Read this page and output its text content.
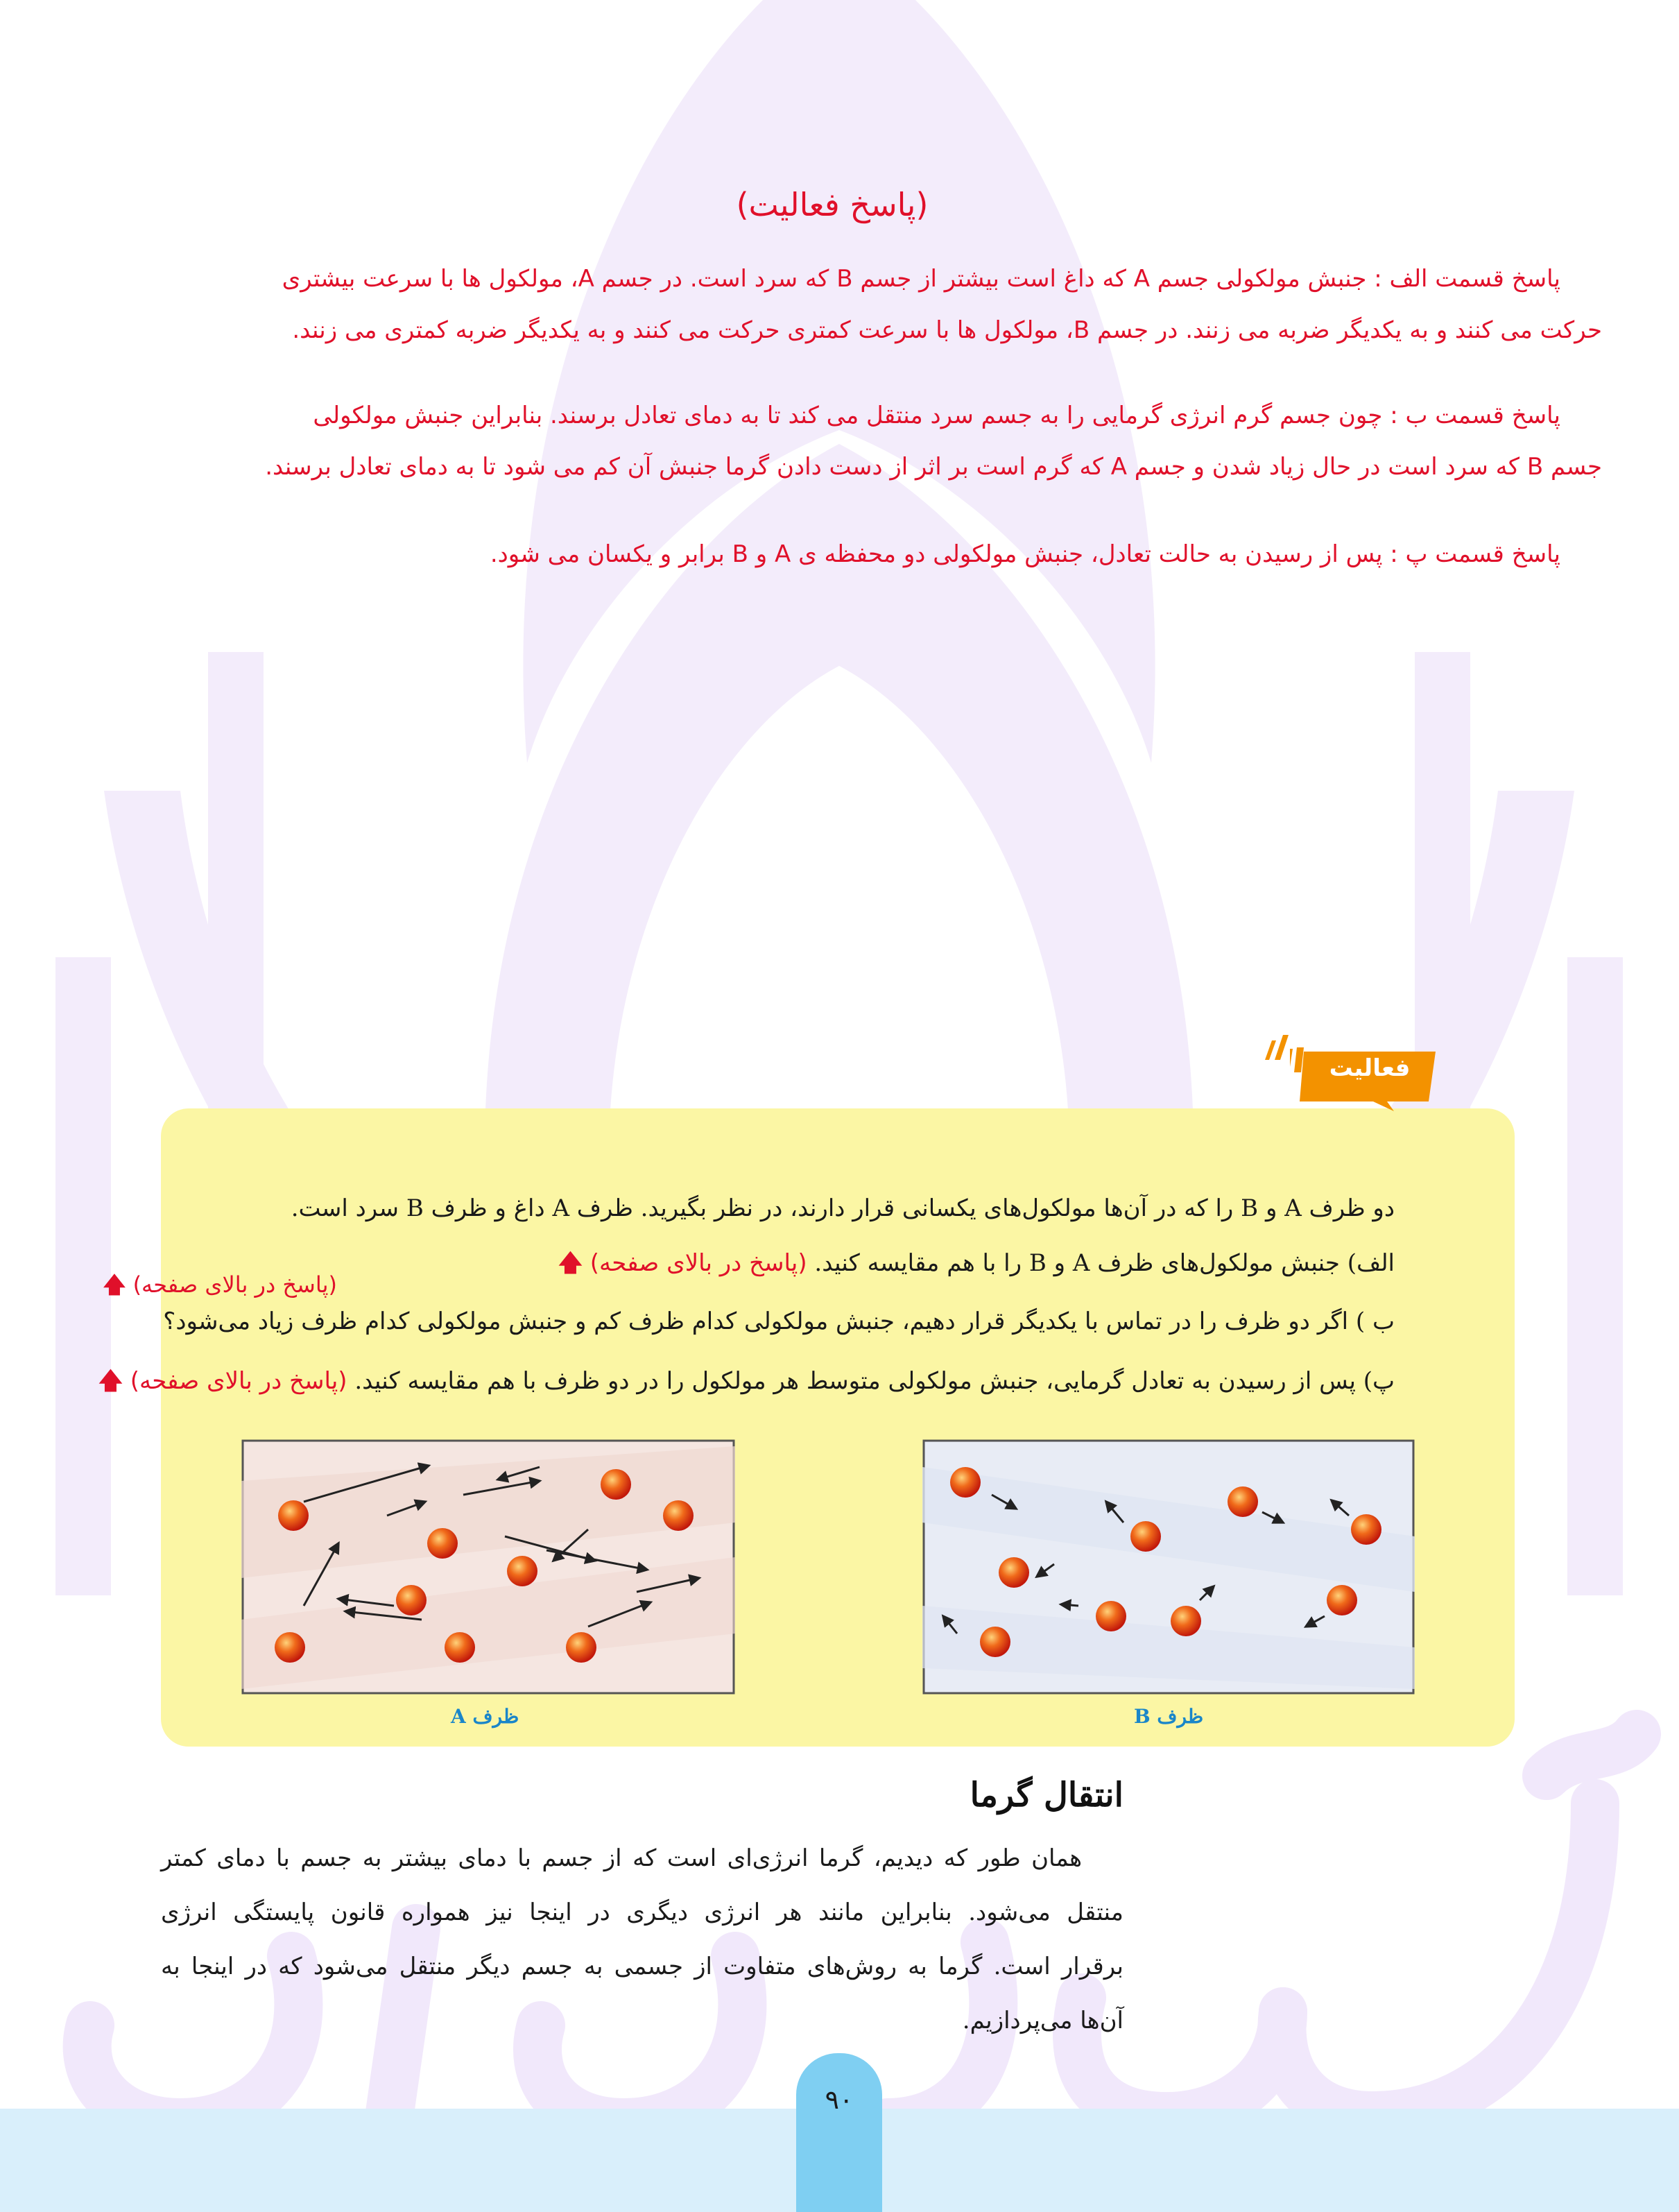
(پاسخ فعالیت)
پاسخ قسمت الف : جنبش مولکولی جسم A که داغ است بیشتر از جسم B که سرد است. در جسم A، مولکول ها با سرعت بیشتری
حرکت می کنند و به یکدیگر ضربه می زنند. در جسم B، مولکول ها با سرعت کمتری حرکت می کنند و به یکدیگر ضربه کمتری می زنند.
پاسخ قسمت ب : چون جسم گرم انرژی گرمایی را به جسم سرد منتقل می کند تا به دمای تعادل برسند. بنابراین جنبش مولکولی
جسم B که سرد است در حال زیاد شدن و جسم A که گرم است بر اثر از دست دادن گرما جنبش آن کم می شود تا به دمای تعادل برسند.
پاسخ قسمت پ : پس از رسیدن به حالت تعادل، جنبش مولکولی دو محفظه ی A و B برابر و یکسان می شود.
فعالیت
دو ظرف A و B را که در آن‌ها مولکول‌های یکسانی قرار دارند، در نظر بگیرید. ظرف A داغ و ظرف B سرد است.
الف) جنبش مولکول‌های ظرف A و B را با هم مقایسه کنید. (پاسخ در بالای صفحه) 🡅
(پاسخ در بالای صفحه) 🡅
ب ) اگر دو ظرف را در تماس با یکدیگر قرار دهیم، جنبش مولکولی کدام ظرف کم و جنبش مولکولی کدام ظرف زیاد می‌شود؟
پ) پس از رسیدن به تعادل گرمایی، جنبش مولکولی متوسط هر مولکول را در دو ظرف با هم مقایسه کنید. (پاسخ در بالای صفحه) 🡅
ظرف A	ظرف B
انتقال گرما
همان طور که دیدیم، گرما انرژی‌ای است که از جسم با دمای بیشتر به جسم با دمای کمتر
منتقل می‌شود. بنابراین مانند هر انرژی دیگری در اینجا نیز همواره قانون پایستگی انرژی
برقرار است. گرما به روش‌های متفاوت از جسمی به جسم دیگر منتقل می‌شود که در اینجا به
آن‌ها می‌پردازیم.
۹۰
